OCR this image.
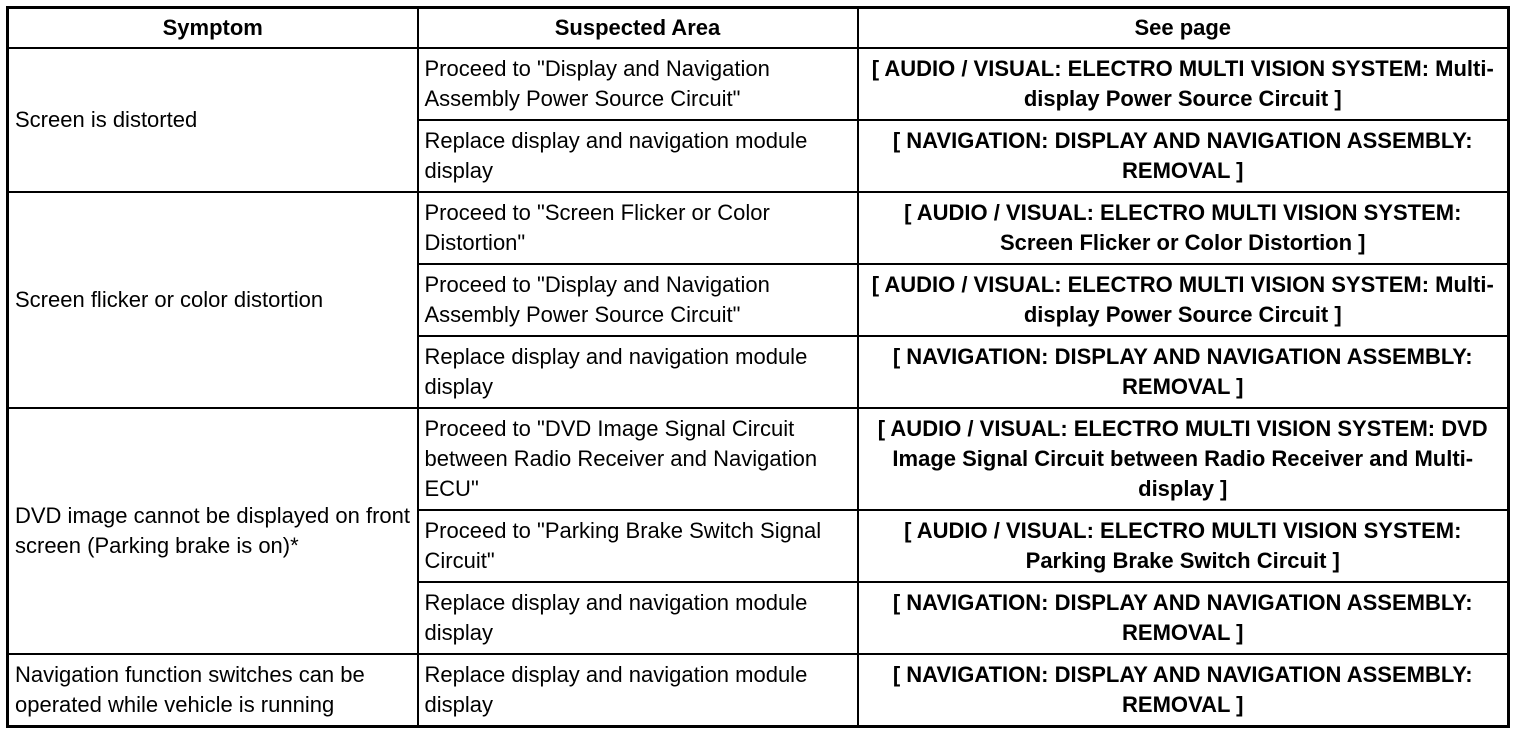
Symptom	Suspected Area	See page
Screen is distorted	Proceed to "Display and Navigation Assembly Power Source Circuit"	[ AUDIO / VISUAL: ELECTRO MULTI VISION SYSTEM: Multi-display Power Source Circuit ]
	Replace display and navigation module display	[ NAVIGATION: DISPLAY AND NAVIGATION ASSEMBLY: REMOVAL ]
Screen flicker or color distortion	Proceed to "Screen Flicker or Color Distortion"	[ AUDIO / VISUAL: ELECTRO MULTI VISION SYSTEM: Screen Flicker or Color Distortion ]
	Proceed to "Display and Navigation Assembly Power Source Circuit"	[ AUDIO / VISUAL: ELECTRO MULTI VISION SYSTEM: Multi-display Power Source Circuit ]
	Replace display and navigation module display	[ NAVIGATION: DISPLAY AND NAVIGATION ASSEMBLY: REMOVAL ]
DVD image cannot be displayed on front screen (Parking brake is on)*	Proceed to "DVD Image Signal Circuit between Radio Receiver and Navigation ECU"	[ AUDIO / VISUAL: ELECTRO MULTI VISION SYSTEM: DVD Image Signal Circuit between Radio Receiver and Multi-display ]
	Proceed to "Parking Brake Switch Signal Circuit"	[ AUDIO / VISUAL: ELECTRO MULTI VISION SYSTEM: Parking Brake Switch Circuit ]
	Replace display and navigation module display	[ NAVIGATION: DISPLAY AND NAVIGATION ASSEMBLY: REMOVAL ]
Navigation function switches can be operated while vehicle is running	Replace display and navigation module display	[ NAVIGATION: DISPLAY AND NAVIGATION ASSEMBLY: REMOVAL ]
